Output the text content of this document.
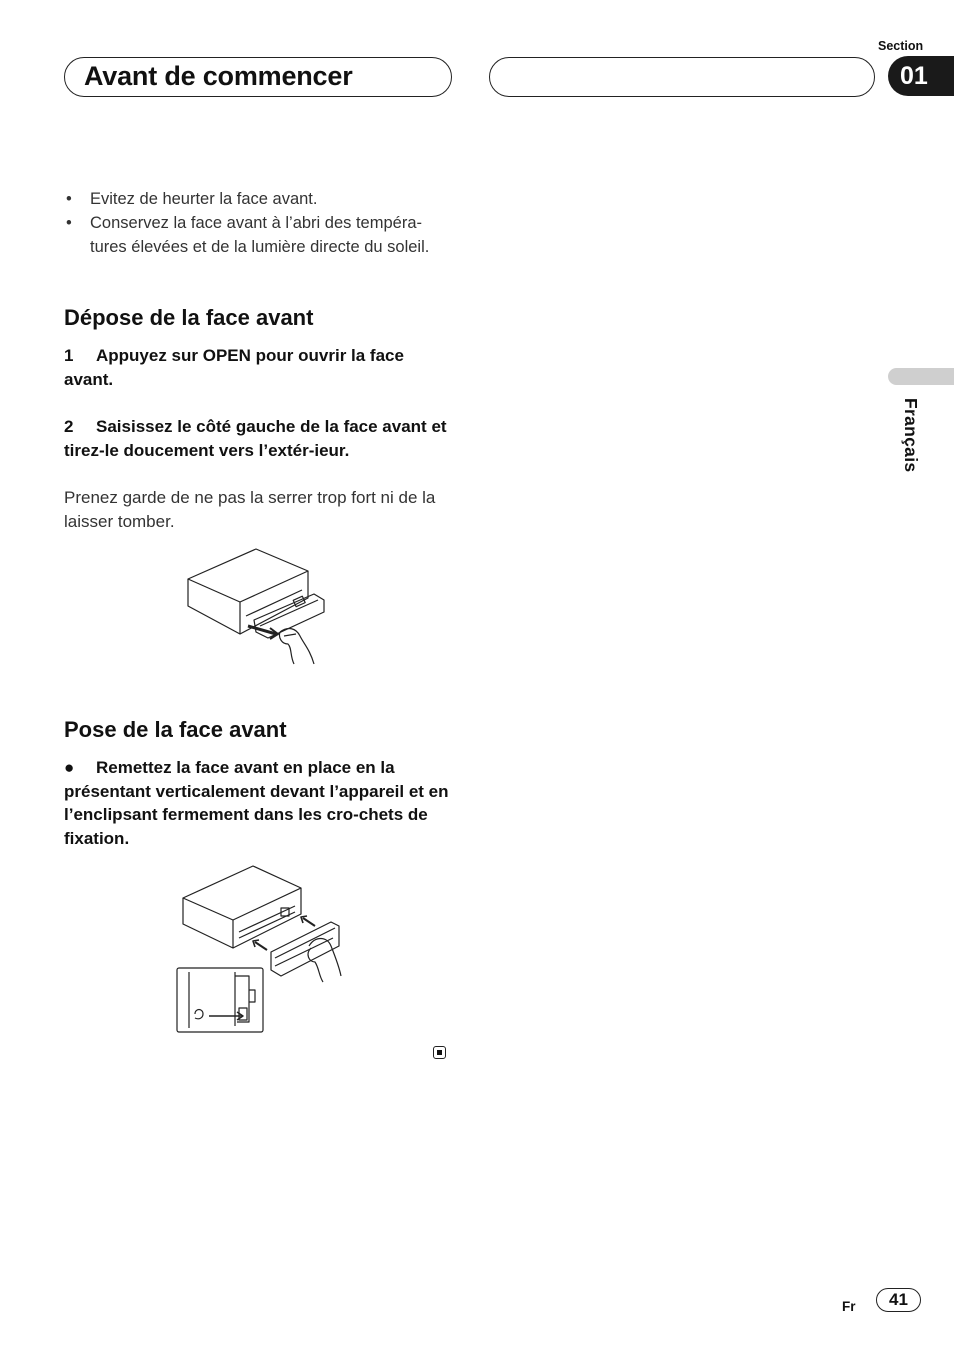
Avant de commencer
Section
01
• Evitez de heurter la face avant.
• Conservez la face avant à l’abri des tempéra-tures élevées et de la lumière directe du soleil.
Dépose de la face avant
1 Appuyez sur OPEN pour ouvrir la face avant.
2 Saisissez le côté gauche de la face avant et tirez-le doucement vers l’extér-ieur.
Prenez garde de ne pas la serrer trop fort ni de la laisser tomber.
Pose de la face avant
● Remettez la face avant en place en la présentant verticalement devant l’appareil et en l’enclipsant fermement dans les cro-chets de fixation.
Français
Fr	41
